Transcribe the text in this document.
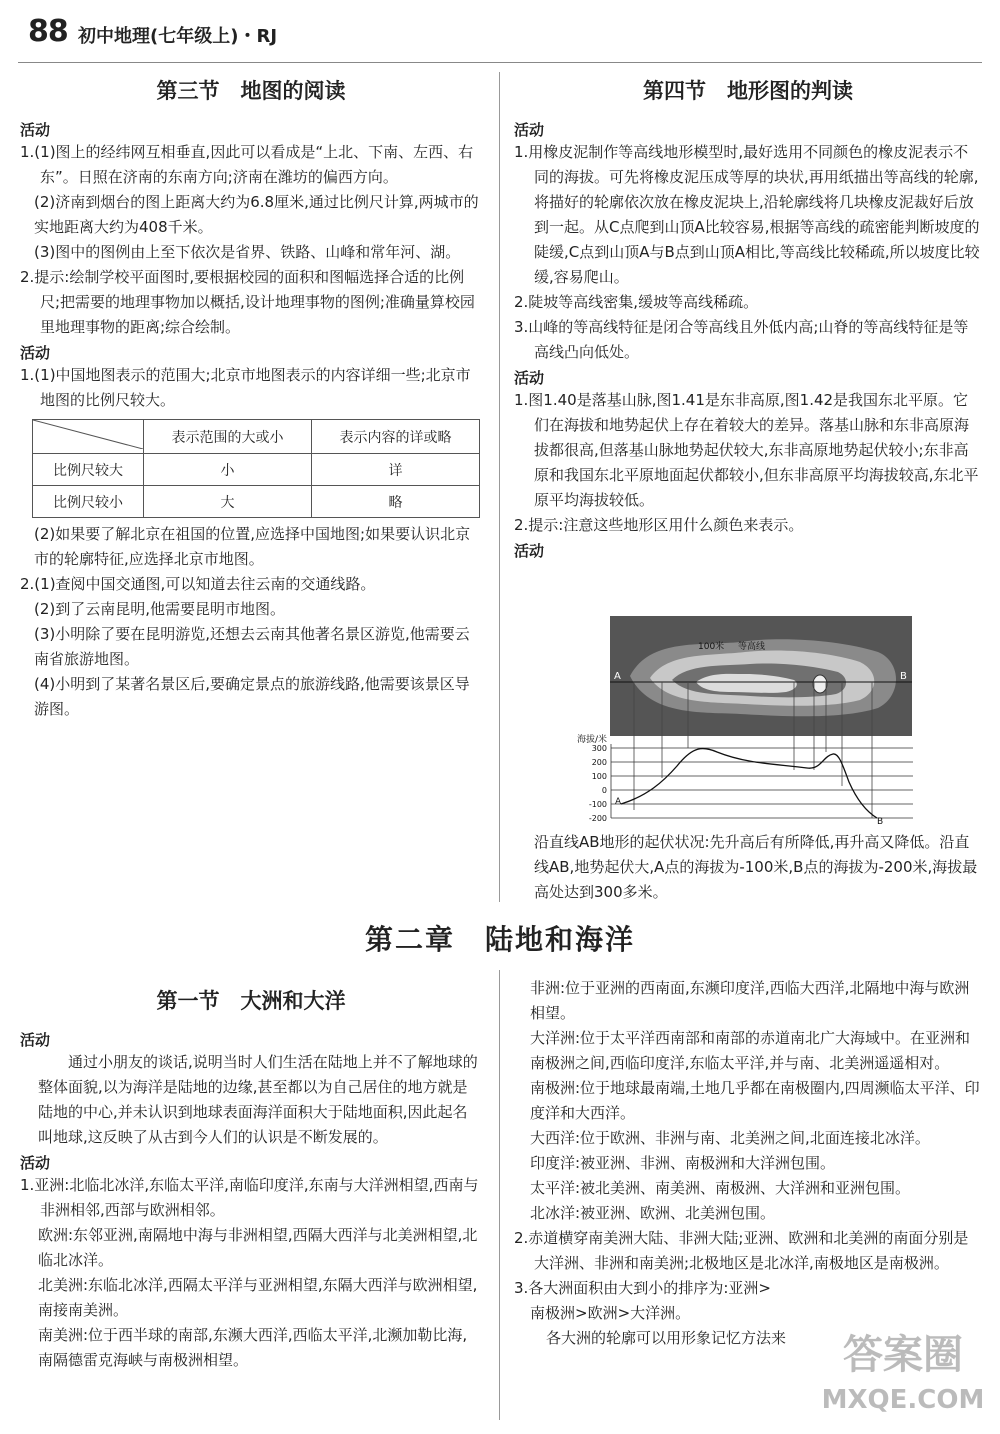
88 初中地理(七年级上)・RJ
第三节　地图的阅读
活动
1.(1)图上的经纬网互相垂直,因此可以看成是“上北、下南、左西、右东”。日照在济南的东南方向;济南在潍坊的偏西方向。
(2)济南到烟台的图上距离大约为6.8厘米,通过比例尺计算,两城市的实地距离大约为408千米。
(3)图中的图例由上至下依次是省界、铁路、山峰和常年河、湖。
2.提示:绘制学校平面图时,要根据校园的面积和图幅选择合适的比例尺;把需要的地理事物加以概括,设计地理事物的图例;准确量算校园里地理事物的距离;综合绘制。
活动
1.(1)中国地图表示的范围大;北京市地图表示的内容详细一些;北京市地图的比例尺较大。
	表示范围的大或小	表示内容的详或略
比例尺较大	小	详
比例尺较小	大	略
(2)如果要了解北京在祖国的位置,应选择中国地图;如果要认识北京市的轮廓特征,应选择北京市地图。
2.(1)查阅中国交通图,可以知道去往云南的交通线路。
(2)到了云南昆明,他需要昆明市地图。
(3)小明除了要在昆明游览,还想去云南其他著名景区游览,他需要云南省旅游地图。
(4)小明到了某著名景区后,要确定景点的旅游线路,他需要该景区导游图。
第四节　地形图的判读
活动
1.用橡皮泥制作等高线地形模型时,最好选用不同颜色的橡皮泥表示不同的海拔。可先将橡皮泥压成等厚的块状,再用纸描出等高线的轮廓,将描好的轮廓依次放在橡皮泥块上,沿轮廓线将几块橡皮泥裁好后放到一起。从C点爬到山顶A比较容易,根据等高线的疏密能判断坡度的陡缓,C点到山顶A与B点到山顶A相比,等高线比较稀疏,所以坡度比较缓,容易爬山。
2.陡坡等高线密集,缓坡等高线稀疏。
3.山峰的等高线特征是闭合等高线且外低内高;山脊的等高线特征是等高线凸向低处。
活动
1.图1.40是落基山脉,图1.41是东非高原,图1.42是我国东北平原。它们在海拔和地势起伏上存在着较大的差异。落基山脉和东非高原海拔都很高,但落基山脉地势起伏较大,东非高原地势起伏较小;东非高原和我国东北平原地面起伏都较小,但东非高原平均海拔较高,东北平原平均海拔较低。
2.提示:注意这些地形区用什么颜色来表示。
活动
100米 等高线
A	B
海拔/米
300
200
100
0
-100
-200
A
B
沿直线AB地形的起伏状况:先升高后有所降低,再升高又降低。沿直线AB,地势起伏大,A点的海拔为-100米,B点的海拔为-200米,海拔最高处达到300多米。
第二章　陆地和海洋
第一节　大洲和大洋
活动
通过小朋友的谈话,说明当时人们生活在陆地上并不了解地球的整体面貌,以为海洋是陆地的边缘,甚至都以为自己居住的地方就是陆地的中心,并未认识到地球表面海洋面积大于陆地面积,因此起名叫地球,这反映了从古到今人们的认识是不断发展的。
活动
1.亚洲:北临北冰洋,东临太平洋,南临印度洋,东南与大洋洲相望,西南与非洲相邻,西部与欧洲相邻。
欧洲:东邻亚洲,南隔地中海与非洲相望,西隔大西洋与北美洲相望,北临北冰洋。
北美洲:东临北冰洋,西隔太平洋与亚洲相望,东隔大西洋与欧洲相望,南接南美洲。
南美洲:位于西半球的南部,东濒大西洋,西临太平洋,北濒加勒比海,南隔德雷克海峡与南极洲相望。
非洲:位于亚洲的西南面,东濒印度洋,西临大西洋,北隔地中海与欧洲相望。
大洋洲:位于太平洋西南部和南部的赤道南北广大海域中。在亚洲和南极洲之间,西临印度洋,东临太平洋,并与南、北美洲遥遥相对。
南极洲:位于地球最南端,土地几乎都在南极圈内,四周濒临太平洋、印度洋和大西洋。
大西洋:位于欧洲、非洲与南、北美洲之间,北面连接北冰洋。
印度洋:被亚洲、非洲、南极洲和大洋洲包围。
太平洋:被北美洲、南美洲、南极洲、大洋洲和亚洲包围。
北冰洋:被亚洲、欧洲、北美洲包围。
2.赤道横穿南美洲大陆、非洲大陆;亚洲、欧洲和北美洲的南面分别是大洋洲、非洲和南美洲;北极地区是北冰洋,南极地区是南极洲。
3.各大洲面积由大到小的排序为:亚洲>
南极洲>欧洲>大洋洲。
各大洲的轮廓可以用形象记忆方法来	答案圈
MXQE.COM
